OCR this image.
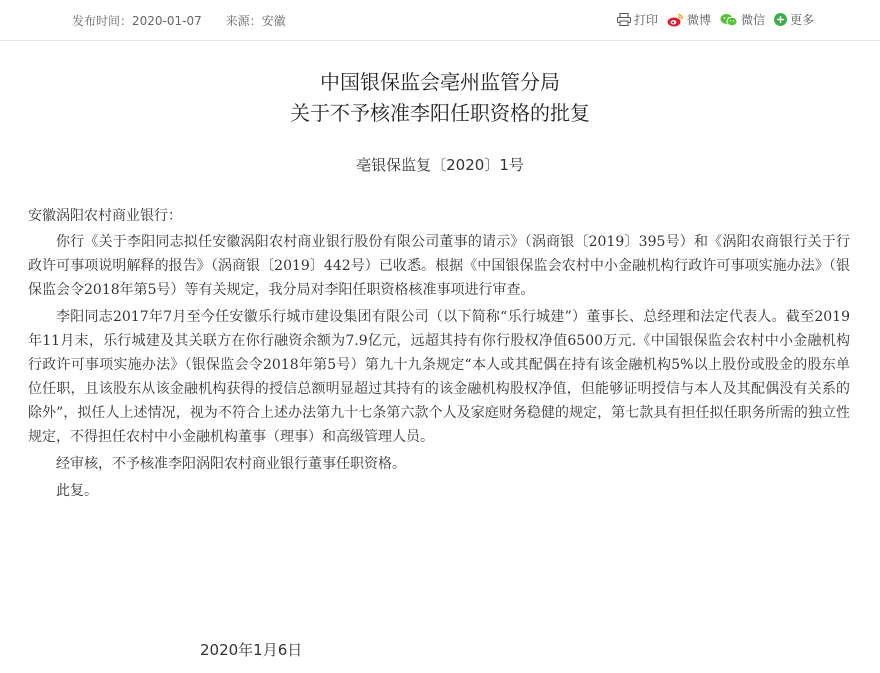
发布时间：2020-01-07 来源：安徽	打印 微博	微信 更多
中国银保监会亳州监管分局
关于不予核准李阳任职资格的批复
亳银保监复〔2020〕1号

安徽涡阳农村商业银行：

你行《关于李阳同志拟任安徽涡阳农村商业银行股份有限公司董事的请示》（涡商银〔2019〕395号）和《涡阳农商银行关于行政许可事项说明解释的报告》（涡商银〔2019〕442号）已收悉。根据《中国银保监会农村中小金融机构行政许可事项实施办法》（银保监会令2018年第5号）等有关规定，我分局对李阳任职资格核准事项进行审查。

李阳同志2017年7月至今任安徽乐行城市建设集团有限公司（以下简称“乐行城建”）董事长、总经理和法定代表人。截至2019年11月末，乐行城建及其关联方在你行融资余额为7.9亿元，远超其持有你行股权净值6500万元.《中国银保监会农村中小金融机构行政许可事项实施办法》（银保监会令2018年第5号）第九十九条规定“本人或其配偶在持有该金融机构5%以上股份或股金的股东单位任职，且该股东从该金融机构获得的授信总额明显超过其持有的该金融机构股权净值，但能够证明授信与本人及其配偶没有关系的除外”，拟任人上述情况，视为不符合上述办法第九十七条第六款个人及家庭财务稳健的规定，第七款具有担任拟任职务所需的独立性规定，不得担任农村中小金融机构董事（理事）和高级管理人员。

经审核，不予核准李阳涡阳农村商业银行董事任职资格。

此复。

2020年1月6日
